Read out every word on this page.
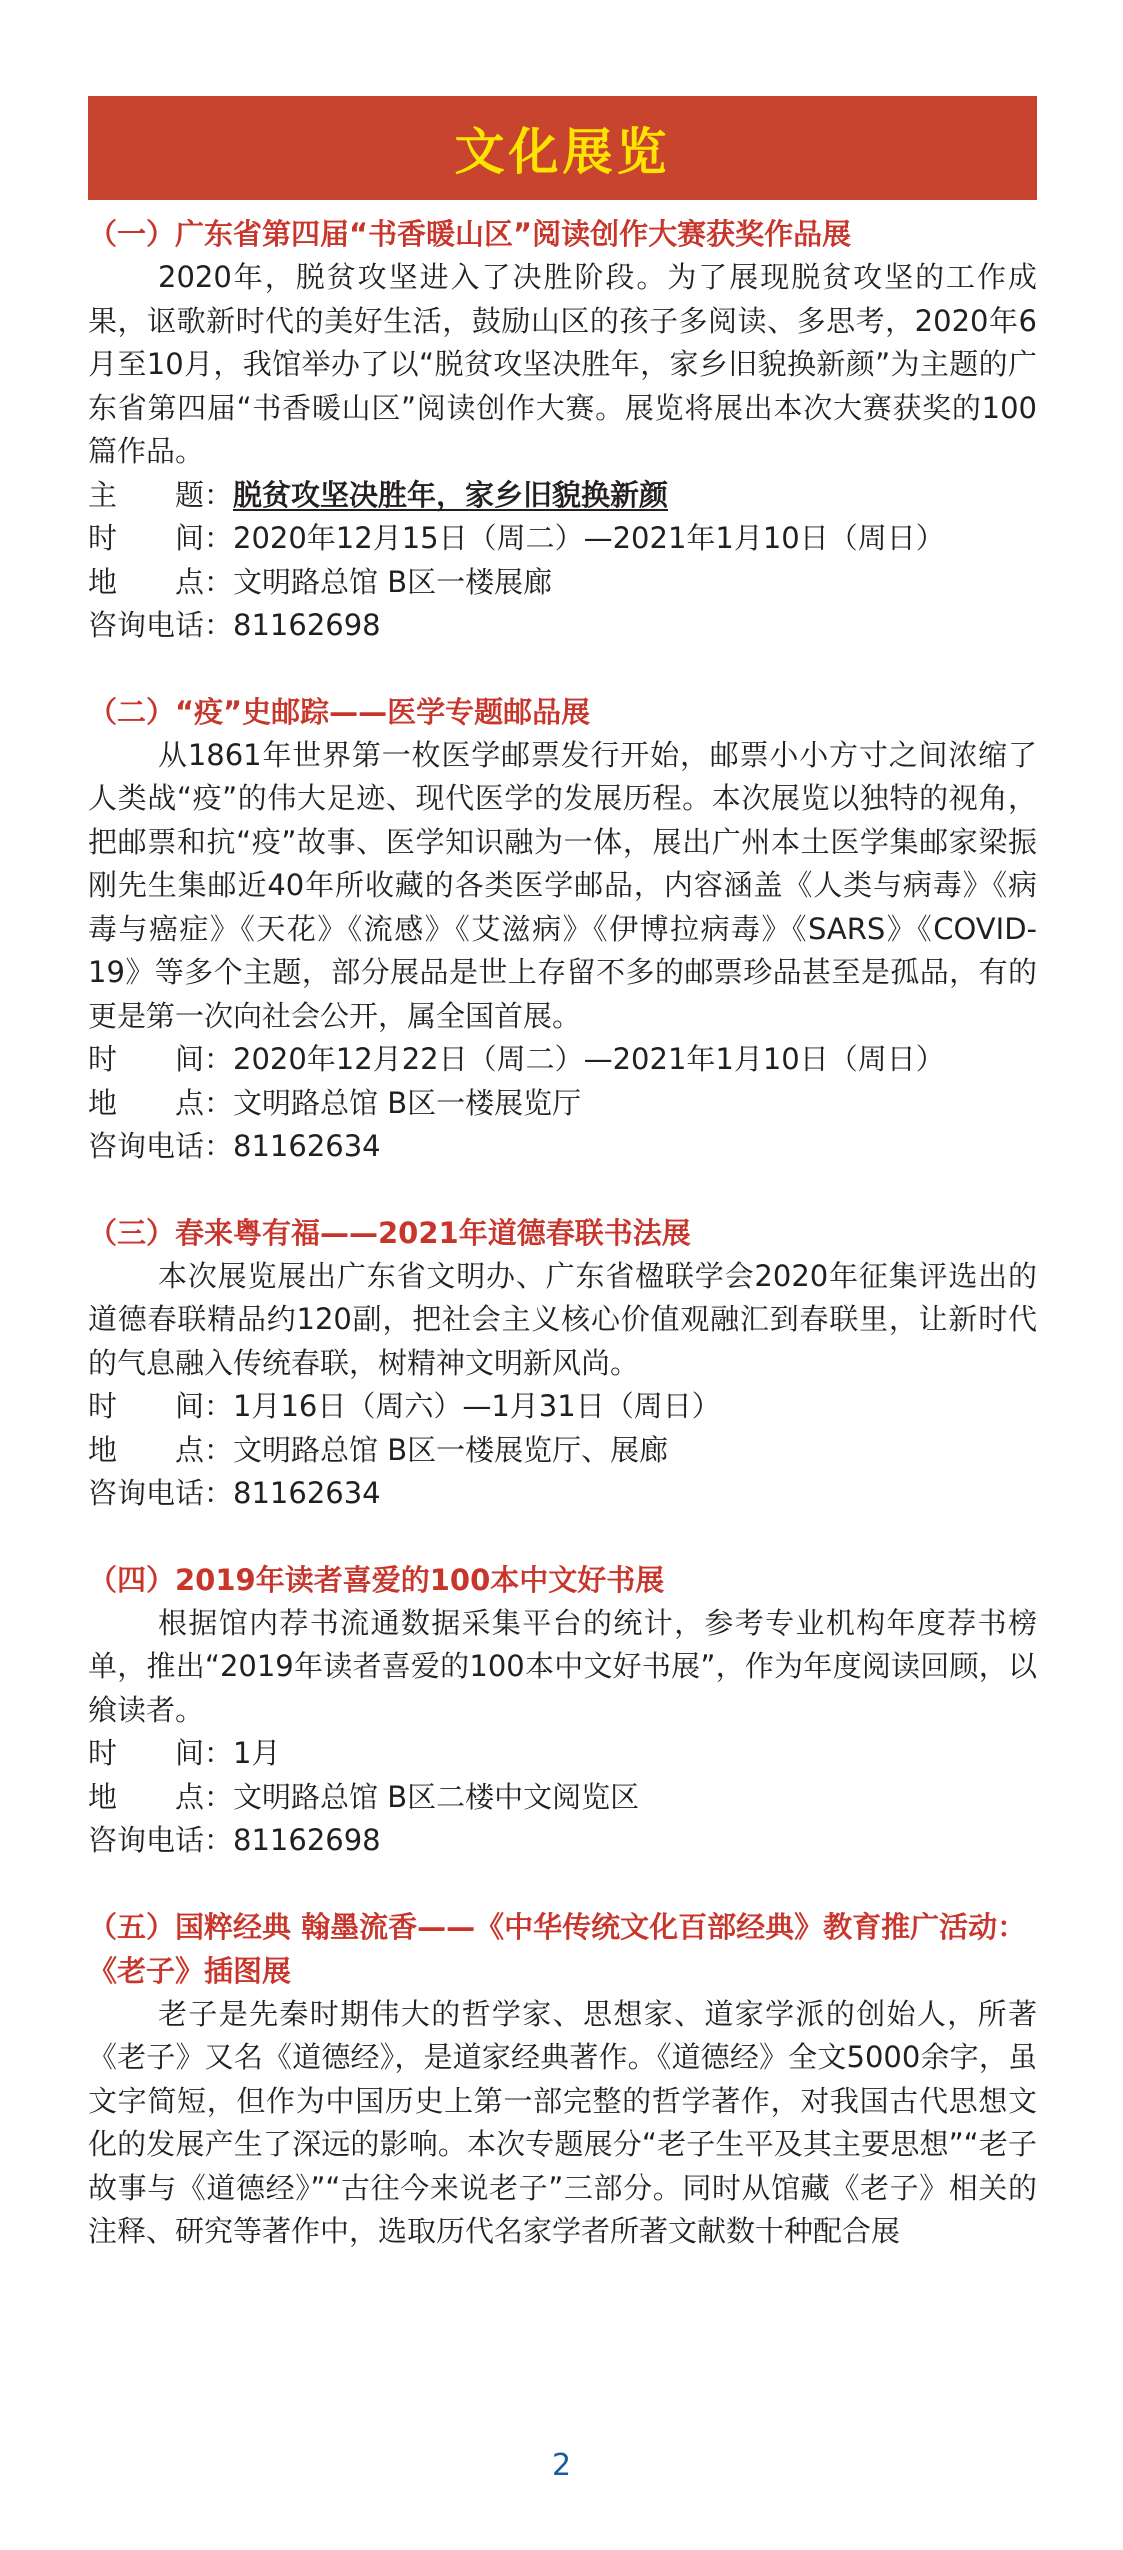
文化展览

（一）广东省第四届“书香暖山区”阅读创作大赛获奖作品展

2020年，脱贫攻坚进入了决胜阶段。为了展现脱贫攻坚的工作成果，讴歌新时代的美好生活，鼓励山区的孩子多阅读、多思考，2020年6月至10月，我馆举办了以“脱贫攻坚决胜年，家乡旧貌换新颜”为主题的广东省第四届“书香暖山区”阅读创作大赛。展览将展出本次大赛获奖的100篇作品。

主 题： 脱贫攻坚决胜年，家乡旧貌换新颜
时 间： 2020年12月15日（周二）—2021年1月10日（周日）
地 点： 文明路总馆 B区一楼展廊
咨询电话： 81162698

（二）“疫”史邮踪——医学专题邮品展

从1861年世界第一枚医学邮票发行开始，邮票小小方寸之间浓缩了人类战“疫”的伟大足迹、现代医学的发展历程。本次展览以独特的视角，把邮票和抗“疫”故事、医学知识融为一体，展出广州本土医学集邮家梁振刚先生集邮近40年所收藏的各类医学邮品，内容涵盖《人类与病毒》《病毒与癌症》《天花》《流感》《艾滋病》《伊博拉病毒》《SARS》《COVID-19》等多个主题，部分展品是世上存留不多的邮票珍品甚至是孤品，有的更是第一次向社会公开，属全国首展。

时 间： 2020年12月22日（周二）—2021年1月10日（周日）
地 点： 文明路总馆 B区一楼展览厅
咨询电话： 81162634

（三）春来粤有福——2021年道德春联书法展

本次展览展出广东省文明办、广东省楹联学会2020年征集评选出的道德春联精品约120副，把社会主义核心价值观融汇到春联里，让新时代的气息融入传统春联，树精神文明新风尚。

时 间： 1月16日（周六）—1月31日（周日）
地 点： 文明路总馆 B区一楼展览厅、展廊
咨询电话： 81162634

（四）2019年读者喜爱的100本中文好书展

根据馆内荐书流通数据采集平台的统计，参考专业机构年度荐书榜单，推出“2019年读者喜爱的100本中文好书展”，作为年度阅读回顾，以飨读者。

时 间： 1月
地 点： 文明路总馆 B区二楼中文阅览区
咨询电话： 81162698

（五）国粹经典 翰墨流香——《中华传统文化百部经典》教育推广活动：《老子》插图展

老子是先秦时期伟大的哲学家、思想家、道家学派的创始人，所著《老子》又名《道德经》，是道家经典著作。《道德经》全文5000余字，虽文字简短，但作为中国历史上第一部完整的哲学著作，对我国古代思想文化的发展产生了深远的影响。本次专题展分“老子生平及其主要思想”“老子故事与《道德经》”“古往今来说老子”三部分。同时从馆藏《老子》相关的注释、研究等著作中，选取历代名家学者所著文献数十种配合展

2
